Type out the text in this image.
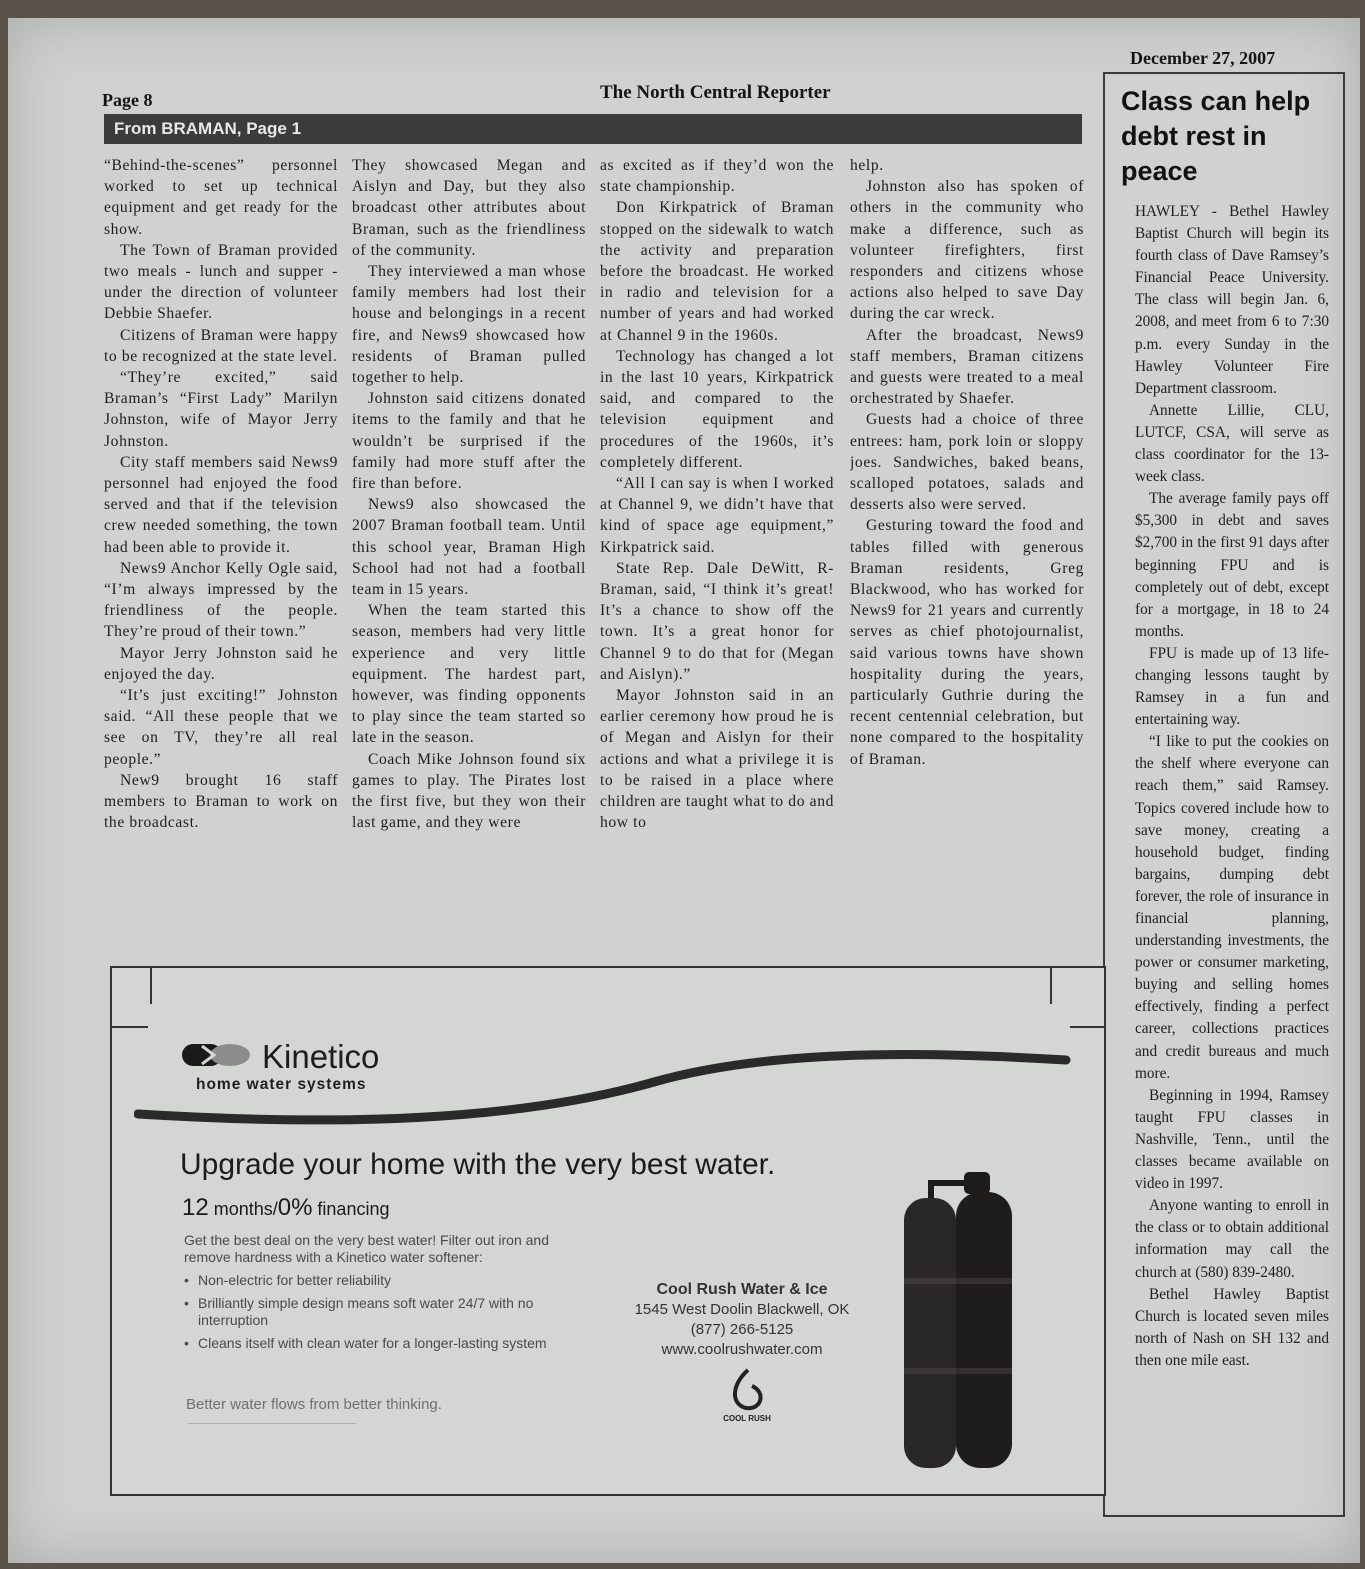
Page 8	The North Central Reporter
December 27, 2007
From BRAMAN, Page 1

“Behind-the-scenes” personnel worked to set up technical equipment and get ready for the show.

The Town of Braman provided two meals - lunch and supper - under the direction of volunteer Debbie Shaefer.

Citizens of Braman were happy to be recognized at the state level.

“They’re excited,” said Braman’s “First Lady” Marilyn Johnston, wife of Mayor Jerry Johnston.

City staff members said News9 personnel had enjoyed the food served and that if the television crew needed something, the town had been able to provide it.

News9 Anchor Kelly Ogle said, “I’m always impressed by the friendliness of the people. They’re proud of their town.”

Mayor Jerry Johnston said he enjoyed the day.

“It’s just exciting!” Johnston said. “All these people that we see on TV, they’re all real people.”

New9 brought 16 staff members to Braman to work on the broadcast.

They showcased Megan and Aislyn and Day, but they also broadcast other attributes about Braman, such as the friendliness of the community.

They interviewed a man whose family members had lost their house and belongings in a recent fire, and News9 showcased how residents of Braman pulled together to help.

Johnston said citizens donated items to the family and that he wouldn’t be surprised if the family had more stuff after the fire than before.

News9 also showcased the 2007 Braman football team. Until this school year, Braman High School had not had a football team in 15 years.

When the team started this season, members had very little experience and very little equipment. The hardest part, however, was finding opponents to play since the team started so late in the season.

Coach Mike Johnson found six games to play. The Pirates lost the first five, but they won their last game, and they were

as excited as if they’d won the state championship.

Don Kirkpatrick of Braman stopped on the sidewalk to watch the activity and preparation before the broadcast. He worked in radio and television for a number of years and had worked at Channel 9 in the 1960s.

Technology has changed a lot in the last 10 years, Kirkpatrick said, and compared to the television equipment and procedures of the 1960s, it’s completely different.

“All I can say is when I worked at Channel 9, we didn’t have that kind of space age equipment,” Kirkpatrick said.

State Rep. Dale DeWitt, R-Braman, said, “I think it’s great! It’s a chance to show off the town. It’s a great honor for Channel 9 to do that for (Megan and Aislyn).”

Mayor Johnston said in an earlier ceremony how proud he is of Megan and Aislyn for their actions and what a privilege it is to be raised in a place where children are taught what to do and how to

help.

Johnston also has spoken of others in the community who make a difference, such as volunteer firefighters, first responders and citizens whose actions also helped to save Day during the car wreck.

After the broadcast, News9 staff members, Braman citizens and guests were treated to a meal orchestrated by Shaefer.

Guests had a choice of three entrees: ham, pork loin or sloppy joes. Sandwiches, baked beans, scalloped potatoes, salads and desserts also were served.

Gesturing toward the food and tables filled with generous Braman residents, Greg Blackwood, who has worked for News9 for 21 years and currently serves as chief photojournalist, said various towns have shown hospitality during the years, particularly Guthrie during the recent centennial celebration, but none compared to the hospitality of Braman.

Class can help debt rest in peace

HAWLEY - Bethel Hawley Baptist Church will begin its fourth class of Dave Ramsey’s Financial Peace University. The class will begin Jan. 6, 2008, and meet from 6 to 7:30 p.m. every Sunday in the Hawley Volunteer Fire Department classroom.

Annette Lillie, CLU, LUTCF, CSA, will serve as class coordinator for the 13-week class.

The average family pays off $5,300 in debt and saves $2,700 in the first 91 days after beginning FPU and is completely out of debt, except for a mortgage, in 18 to 24 months.

FPU is made up of 13 life-changing lessons taught by Ramsey in a fun and entertaining way.

“I like to put the cookies on the shelf where everyone can reach them,” said Ramsey. Topics covered include how to save money, creating a household budget, finding bargains, dumping debt forever, the role of insurance in financial planning, understanding investments, the power or consumer marketing, buying and selling homes effectively, finding a perfect career, collections practices and credit bureaus and much more.

Beginning in 1994, Ramsey taught FPU classes in Nashville, Tenn., until the classes became available on video in 1997.

Anyone wanting to enroll in the class or to obtain additional information may call the church at (580) 839-2480.

Bethel Hawley Baptist Church is located seven miles north of Nash on SH 132 and then one mile east.

Kinetico
home water systems
Upgrade your home with the very best water.
12 months/0% financing
Get the best deal on the very best water! Filter out iron and remove hardness with a Kinetico water softener:
• Non-electric for better reliability
• Brilliantly simple design means soft water 24/7 with no interruption
• Cleans itself with clean water for a longer-lasting system
Better water flows from better thinking.
————————————————————————
Cool Rush Water & Ice
1545 West Doolin Blackwell, OK
(877) 266-5125
www.coolrushwater.com
COOL RUSH
